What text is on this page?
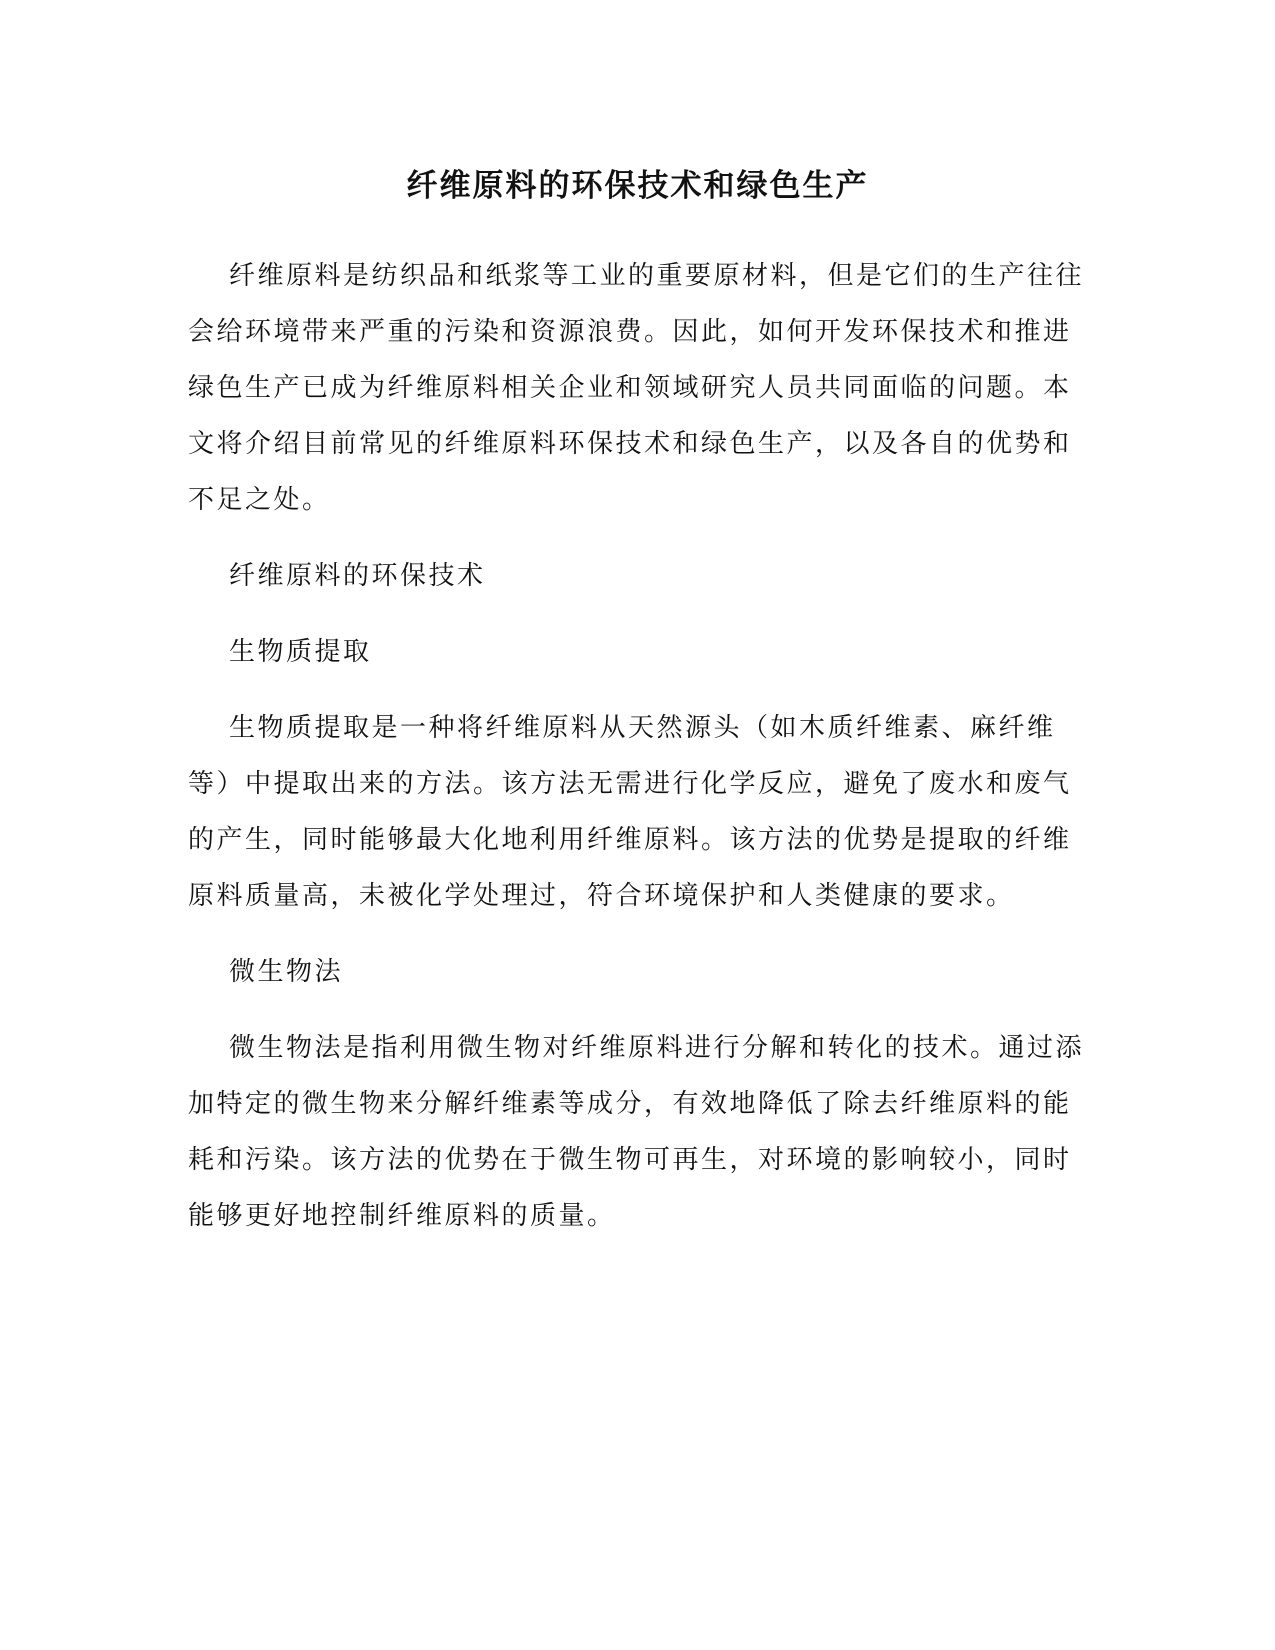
纤维原料的环保技术和绿色生产

纤维原料是纺织品和纸浆等工业的重要原材料，但是它们的生产往往会给环境带来严重的污染和资源浪费。因此，如何开发环保技术和推进绿色生产已成为纤维原料相关企业和领域研究人员共同面临的问题。本文将介绍目前常见的纤维原料环保技术和绿色生产，以及各自的优势和不足之处。

纤维原料的环保技术

生物质提取

生物质提取是一种将纤维原料从天然源头（如木质纤维素、麻纤维等）中提取出来的方法。该方法无需进行化学反应，避免了废水和废气的产生，同时能够最大化地利用纤维原料。该方法的优势是提取的纤维原料质量高，未被化学处理过，符合环境保护和人类健康的要求。

微生物法

微生物法是指利用微生物对纤维原料进行分解和转化的技术。通过添加特定的微生物来分解纤维素等成分，有效地降低了除去纤维原料的能耗和污染。该方法的优势在于微生物可再生，对环境的影响较小，同时能够更好地控制纤维原料的质量。
